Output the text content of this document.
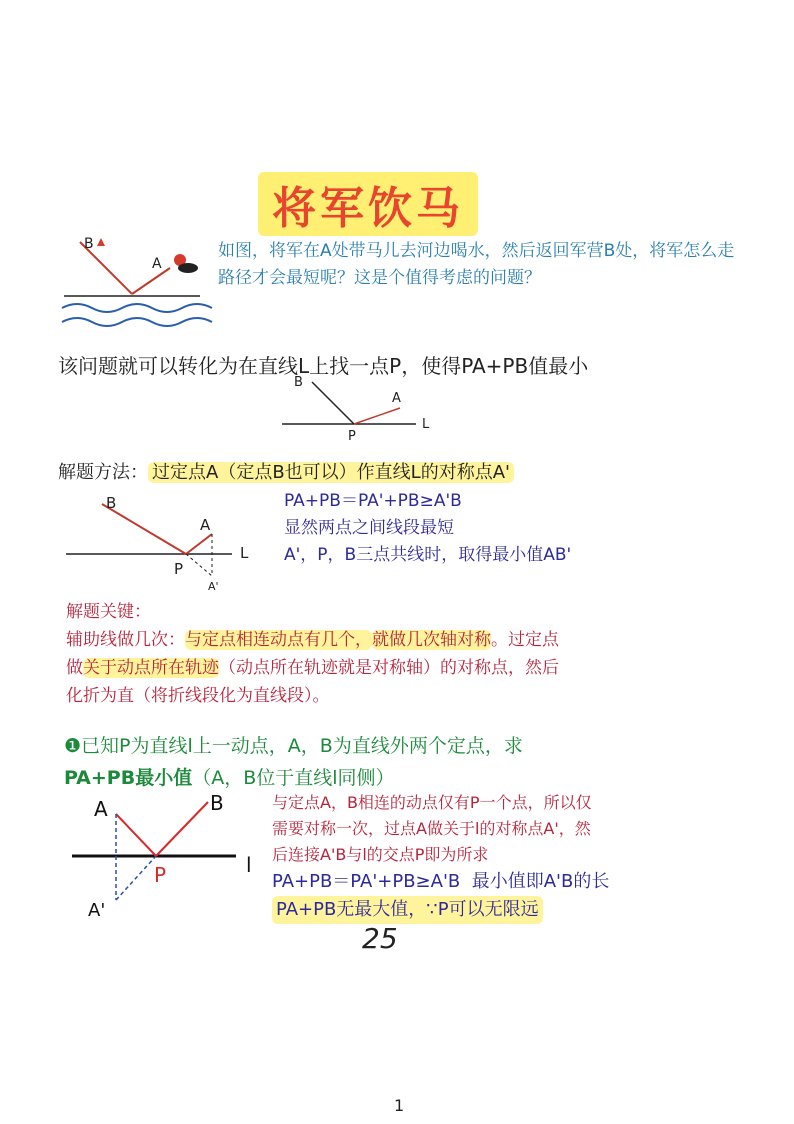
将军饮马
B
A
如图，将军在A处带马儿去河边喝水，然后返回军营B处，将军怎么走路径才会最短呢？这是个值得考虑的问题？
该问题就可以转化为在直线L上找一点P，使得PA+PB值最小
B
A
P
L
解题方法： 过定点A（定点B也可以）作直线L的对称点A'
B
A
P
L
A'
PA+PB＝PA'+PB≥A'B
显然两点之间线段最短
A'，P，B三点共线时，取得最小值AB'
解题关键：
辅助线做几次：与定点相连动点有几个，就做几次轴对称。过定点
做关于动点所在轨迹（动点所在轨迹就是对称轴）的对称点，然后
化折为直（将折线段化为直线段）。
❶已知P为直线l上一动点，A，B为直线外两个定点，求
PA+PB最小值（A，B位于直线l同侧）
A	B
P	l
A'
与定点A，B相连的动点仅有P一个点，所以仅
需要对称一次，过点A做关于l的对称点A'，然
后连接A'B与l的交点P即为所求
PA+PB＝PA'+PB≥A'B 最小值即A'B的长
PA+PB无最大值，∵P可以无限远
25
1
